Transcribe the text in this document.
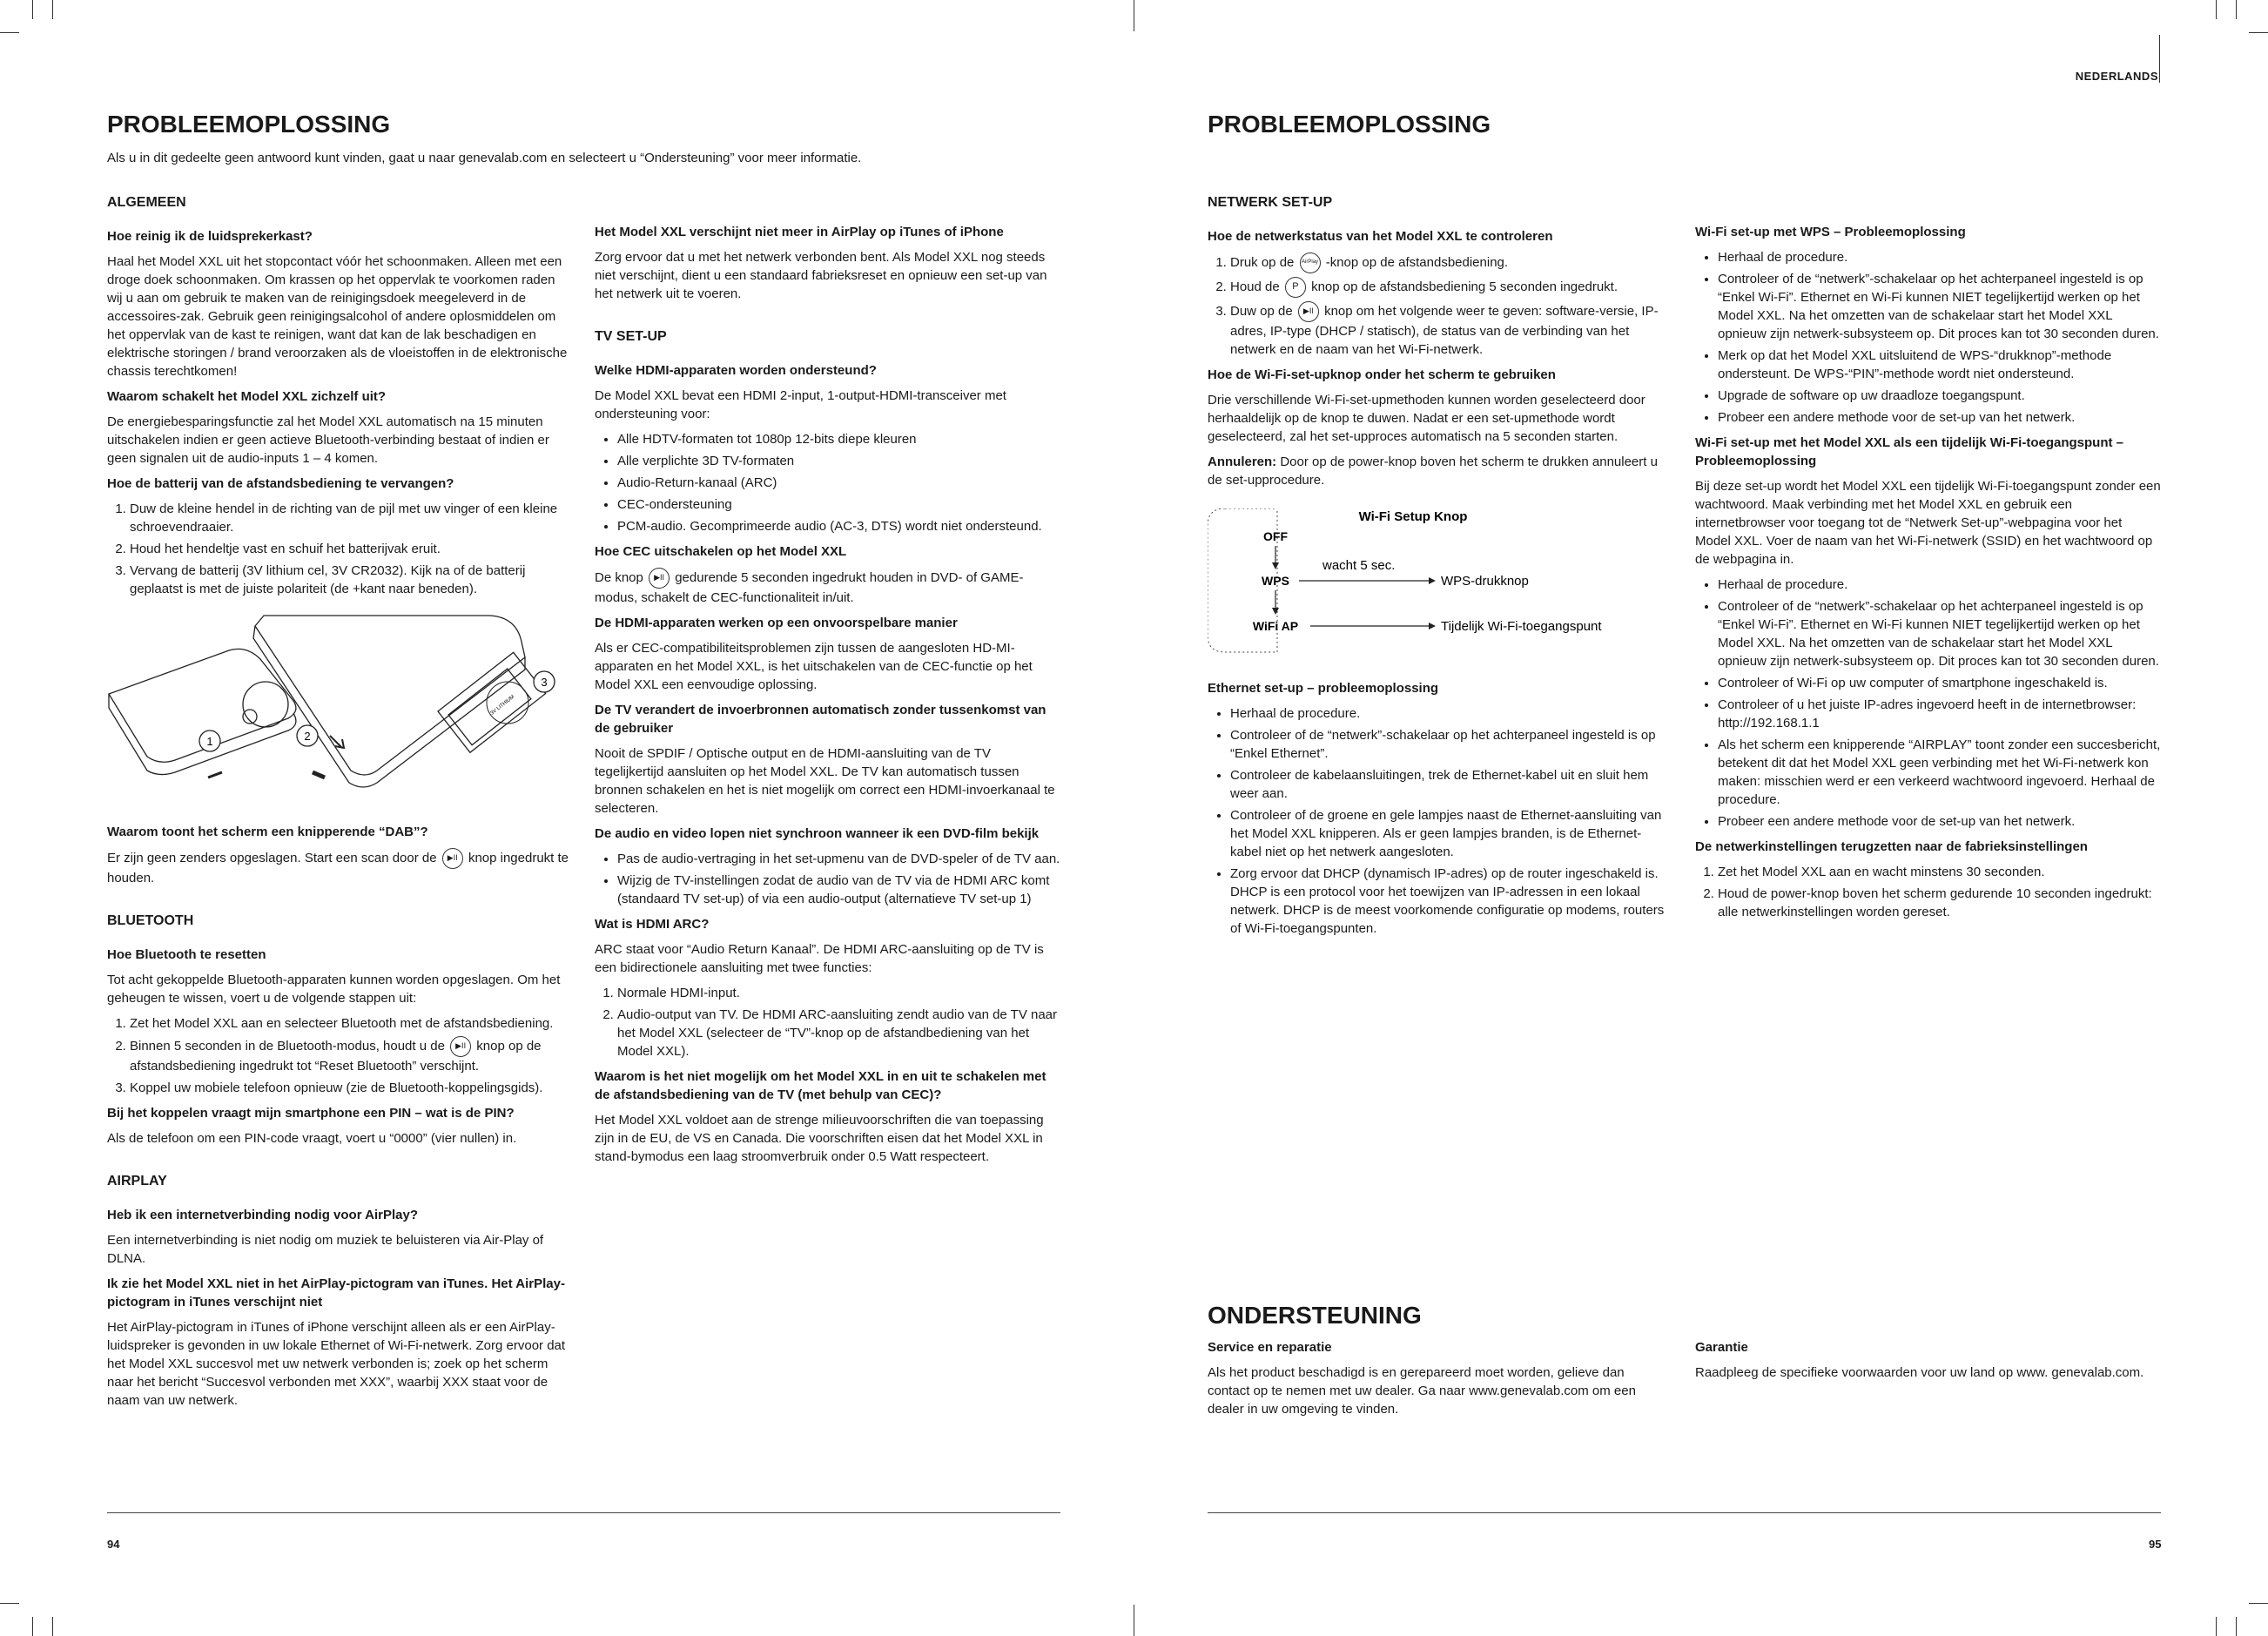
NEDERLANDS
PROBLEEMOPLOSSING
Als u in dit gedeelte geen antwoord kunt vinden, gaat u naar genevalab.com en selecteert u “Ondersteuning” voor meer informatie.
ALGEMEEN

Hoe reinig ik de luidsprekerkast?

Haal het Model XXL uit het stopcontact vóór het schoonmaken. Alleen met een droge doek schoonmaken. Om krassen op het oppervlak te voorkomen raden wij u aan om gebruik te maken van de reinigingsdoek meegeleverd in de accessoires-zak. Gebruik geen reinigingsalcohol of andere oplosmiddelen om het oppervlak van de kast te reinigen, want dat kan de lak beschadigen en elektrische storingen / brand veroorzaken als de vloeistoffen in de elektronische chassis terechtkomen!

Waarom schakelt het Model XXL zichzelf uit?

De energiebesparingsfunctie zal het Model XXL automatisch na 15 minuten uitschakelen indien er geen actieve Bluetooth-verbinding bestaat of indien er geen signalen uit de audio-inputs 1 – 4 komen.

Hoe de batterij van de afstandsbediening te vervangen?

1. Duw de kleine hendel in de richting van de pijl met uw vinger of een kleine schroevendraaier.
2. Houd het hendeltje vast en schuif het batterijvak eruit.
3. Vervang de batterij (3V lithium cel, 3V CR2032). Kijk na of de batterij geplaatst is met de juiste polariteit (de +kant naar beneden).
1	2
3
3V LITHIUM

Waarom toont het scherm een knipperende “DAB”?

Er zijn geen zenders opgeslagen. Start een scan door de ▶II knop ingedrukt te houden.

BLUETOOTH

Hoe Bluetooth te resetten

Tot acht gekoppelde Bluetooth-apparaten kunnen worden opgeslagen. Om het geheugen te wissen, voert u de volgende stappen uit:

1. Zet het Model XXL aan en selecteer Bluetooth met de afstandsbediening.
2. Binnen 5 seconden in de Bluetooth-modus, houdt u de ▶II knop op de afstandsbediening ingedrukt tot “Reset Bluetooth” verschijnt.
3. Koppel uw mobiele telefoon opnieuw (zie de Bluetooth-koppelingsgids).

Bij het koppelen vraagt mijn smartphone een PIN – wat is de PIN?

Als de telefoon om een PIN-code vraagt, voert u “0000” (vier nullen) in.

AIRPLAY

Heb ik een internetverbinding nodig voor AirPlay?

Een internetverbinding is niet nodig om muziek te beluisteren via Air-Play of DLNA.

Ik zie het Model XXL niet in het AirPlay-pictogram van iTunes. Het AirPlay-pictogram in iTunes verschijnt niet

Het AirPlay-pictogram in iTunes of iPhone verschijnt alleen als er een AirPlay-luidspreker is gevonden in uw lokale Ethernet of Wi-Fi-netwerk. Zorg ervoor dat het Model XXL succesvol met uw netwerk verbonden is; zoek op het scherm naar het bericht “Succesvol verbonden met XXX”, waarbij XXX staat voor de naam van uw netwerk.

Het Model XXL verschijnt niet meer in AirPlay op iTunes of iPhone

Zorg ervoor dat u met het netwerk verbonden bent. Als Model XXL nog steeds niet verschijnt, dient u een standaard fabrieksreset en opnieuw een set-up van het netwerk uit te voeren.

TV SET-UP

Welke HDMI-apparaten worden ondersteund?

De Model XXL bevat een HDMI 2-input, 1-output-HDMI-transceiver met ondersteuning voor:

• Alle HDTV-formaten tot 1080p 12-bits diepe kleuren
• Alle verplichte 3D TV-formaten
• Audio-Return-kanaal (ARC)
• CEC-ondersteuning
• PCM-audio. Gecomprimeerde audio (AC-3, DTS) wordt niet ondersteund.

Hoe CEC uitschakelen op het Model XXL

De knop ▶II gedurende 5 seconden ingedrukt houden in DVD- of GAME-modus, schakelt de CEC-functionaliteit in/uit.

De HDMI-apparaten werken op een onvoorspelbare manier

Als er CEC-compatibiliteitsproblemen zijn tussen de aangesloten HD-MI-apparaten en het Model XXL, is het uitschakelen van de CEC-functie op het Model XXL een eenvoudige oplossing.

De TV verandert de invoerbronnen automatisch zonder tussenkomst van de gebruiker

Nooit de SPDIF / Optische output en de HDMI-aansluiting van de TV tegelijkertijd aansluiten op het Model XXL. De TV kan automatisch tussen bronnen schakelen en het is niet mogelijk om correct een HDMI-invoerkanaal te selecteren.

De audio en video lopen niet synchroon wanneer ik een DVD-film bekijk

• Pas de audio-vertraging in het set-upmenu van de DVD-speler of de TV aan.
• Wijzig de TV-instellingen zodat de audio van de TV via de HDMI ARC komt (standaard TV set-up) of via een audio-output (alternatieve TV set-up 1)

Wat is HDMI ARC?

ARC staat voor “Audio Return Kanaal”. De HDMI ARC-aansluiting op de TV is een bidirectionele aansluiting met twee functies:

1. Normale HDMI-input.
2. Audio-output van TV. De HDMI ARC-aansluiting zendt audio van de TV naar het Model XXL (selecteer de “TV”-knop op de afstandbediening van het Model XXL).

Waarom is het niet mogelijk om het Model XXL in en uit te schakelen met de afstandsbediening van de TV (met behulp van CEC)?

Het Model XXL voldoet aan de strenge milieuvoorschriften die van toepassing zijn in de EU, de VS en Canada. Die voorschriften eisen dat het Model XXL in stand-bymodus een laag stroomverbruik onder 0.5 Watt respecteert.

94
PROBLEEMOPLOSSING
NETWERK SET-UP

Hoe de netwerkstatus van het Model XXL te controleren

1. Druk op de AirPlay -knop op de afstandsbediening.
2. Houd de P knop op de afstandsbediening 5 seconden ingedrukt.
3. Duw op de ▶II knop om het volgende weer te geven: software-versie, IP-adres, IP-type (DHCP / statisch), de status van de verbinding van het netwerk en de naam van het Wi-Fi-netwerk.

Hoe de Wi-Fi-set-upknop onder het scherm te gebruiken

Drie verschillende Wi-Fi-set-upmethoden kunnen worden geselecteerd door herhaaldelijk op de knop te duwen. Nadat er een set-upmethode wordt geselecteerd, zal het set-upproces automatisch na 5 seconden starten.

Annuleren: Door op de power-knop boven het scherm te drukken annuleert u de set-upprocedure.

Wi-Fi Setup Knop
OFF
WPS
WiFi AP
wacht 5 sec.
WPS-drukknop
Tijdelijk Wi-Fi-toegangspunt

Ethernet set-up – probleemoplossing

• Herhaal de procedure.
• Controleer of de “netwerk”-schakelaar op het achterpaneel ingesteld is op “Enkel Ethernet”.
• Controleer de kabelaansluitingen, trek de Ethernet-kabel uit en sluit hem weer aan.
• Controleer of de groene en gele lampjes naast de Ethernet-aansluiting van het Model XXL knipperen. Als er geen lampjes branden, is de Ethernet-kabel niet op het netwerk aangesloten.
• Zorg ervoor dat DHCP (dynamisch IP-adres) op de router ingeschakeld is. DHCP is een protocol voor het toewijzen van IP-adressen in een lokaal netwerk. DHCP is de meest voorkomende configuratie op modems, routers of Wi-Fi-toegangspunten.

Wi-Fi set-up met WPS – Probleemoplossing

• Herhaal de procedure.
• Controleer of de “netwerk”-schakelaar op het achterpaneel ingesteld is op “Enkel Wi-Fi”. Ethernet en Wi-Fi kunnen NIET tegelijkertijd werken op het Model XXL. Na het omzetten van de schakelaar start het Model XXL opnieuw zijn netwerk-subsysteem op. Dit proces kan tot 30 seconden duren.
• Merk op dat het Model XXL uitsluitend de WPS-“drukknop”-methode ondersteunt. De WPS-“PIN”-methode wordt niet ondersteund.
• Upgrade de software op uw draadloze toegangspunt.
• Probeer een andere methode voor de set-up van het netwerk.

Wi-Fi set-up met het Model XXL als een tijdelijk Wi-Fi-toegangspunt – Probleemoplossing

Bij deze set-up wordt het Model XXL een tijdelijk Wi-Fi-toegangspunt zonder een wachtwoord. Maak verbinding met het Model XXL en gebruik een internetbrowser voor toegang tot de “Netwerk Set-up”-webpagina voor het Model XXL. Voer de naam van het Wi-Fi-netwerk (SSID) en het wachtwoord op de webpagina in.

• Herhaal de procedure.
• Controleer of de “netwerk”-schakelaar op het achterpaneel ingesteld is op “Enkel Wi-Fi”. Ethernet en Wi-Fi kunnen NIET tegelijkertijd werken op het Model XXL. Na het omzetten van de schakelaar start het Model XXL opnieuw zijn netwerk-subsysteem op. Dit proces kan tot 30 seconden duren.
• Controleer of Wi-Fi op uw computer of smartphone ingeschakeld is.
• Controleer of u het juiste IP-adres ingevoerd heeft in de internetbrowser: http://192.168.1.1
• Als het scherm een knipperende “AIRPLAY” toont zonder een succesbericht, betekent dit dat het Model XXL geen verbinding met het Wi-Fi-netwerk kon maken: misschien werd er een verkeerd wachtwoord ingevoerd. Herhaal de procedure.
• Probeer een andere methode voor de set-up van het netwerk.

De netwerkinstellingen terugzetten naar de fabrieksinstellingen

1. Zet het Model XXL aan en wacht minstens 30 seconden.
2. Houd de power-knop boven het scherm gedurende 10 seconden ingedrukt: alle netwerkinstellingen worden gereset.
ONDERSTEUNING

Service en reparatie

Als het product beschadigd is en gerepareerd moet worden, gelieve dan contact op te nemen met uw dealer. Ga naar www.genevalab.com om een dealer in uw omgeving te vinden.

Garantie

Raadpleeg de specifieke voorwaarden voor uw land op www. genevalab.com.

95
